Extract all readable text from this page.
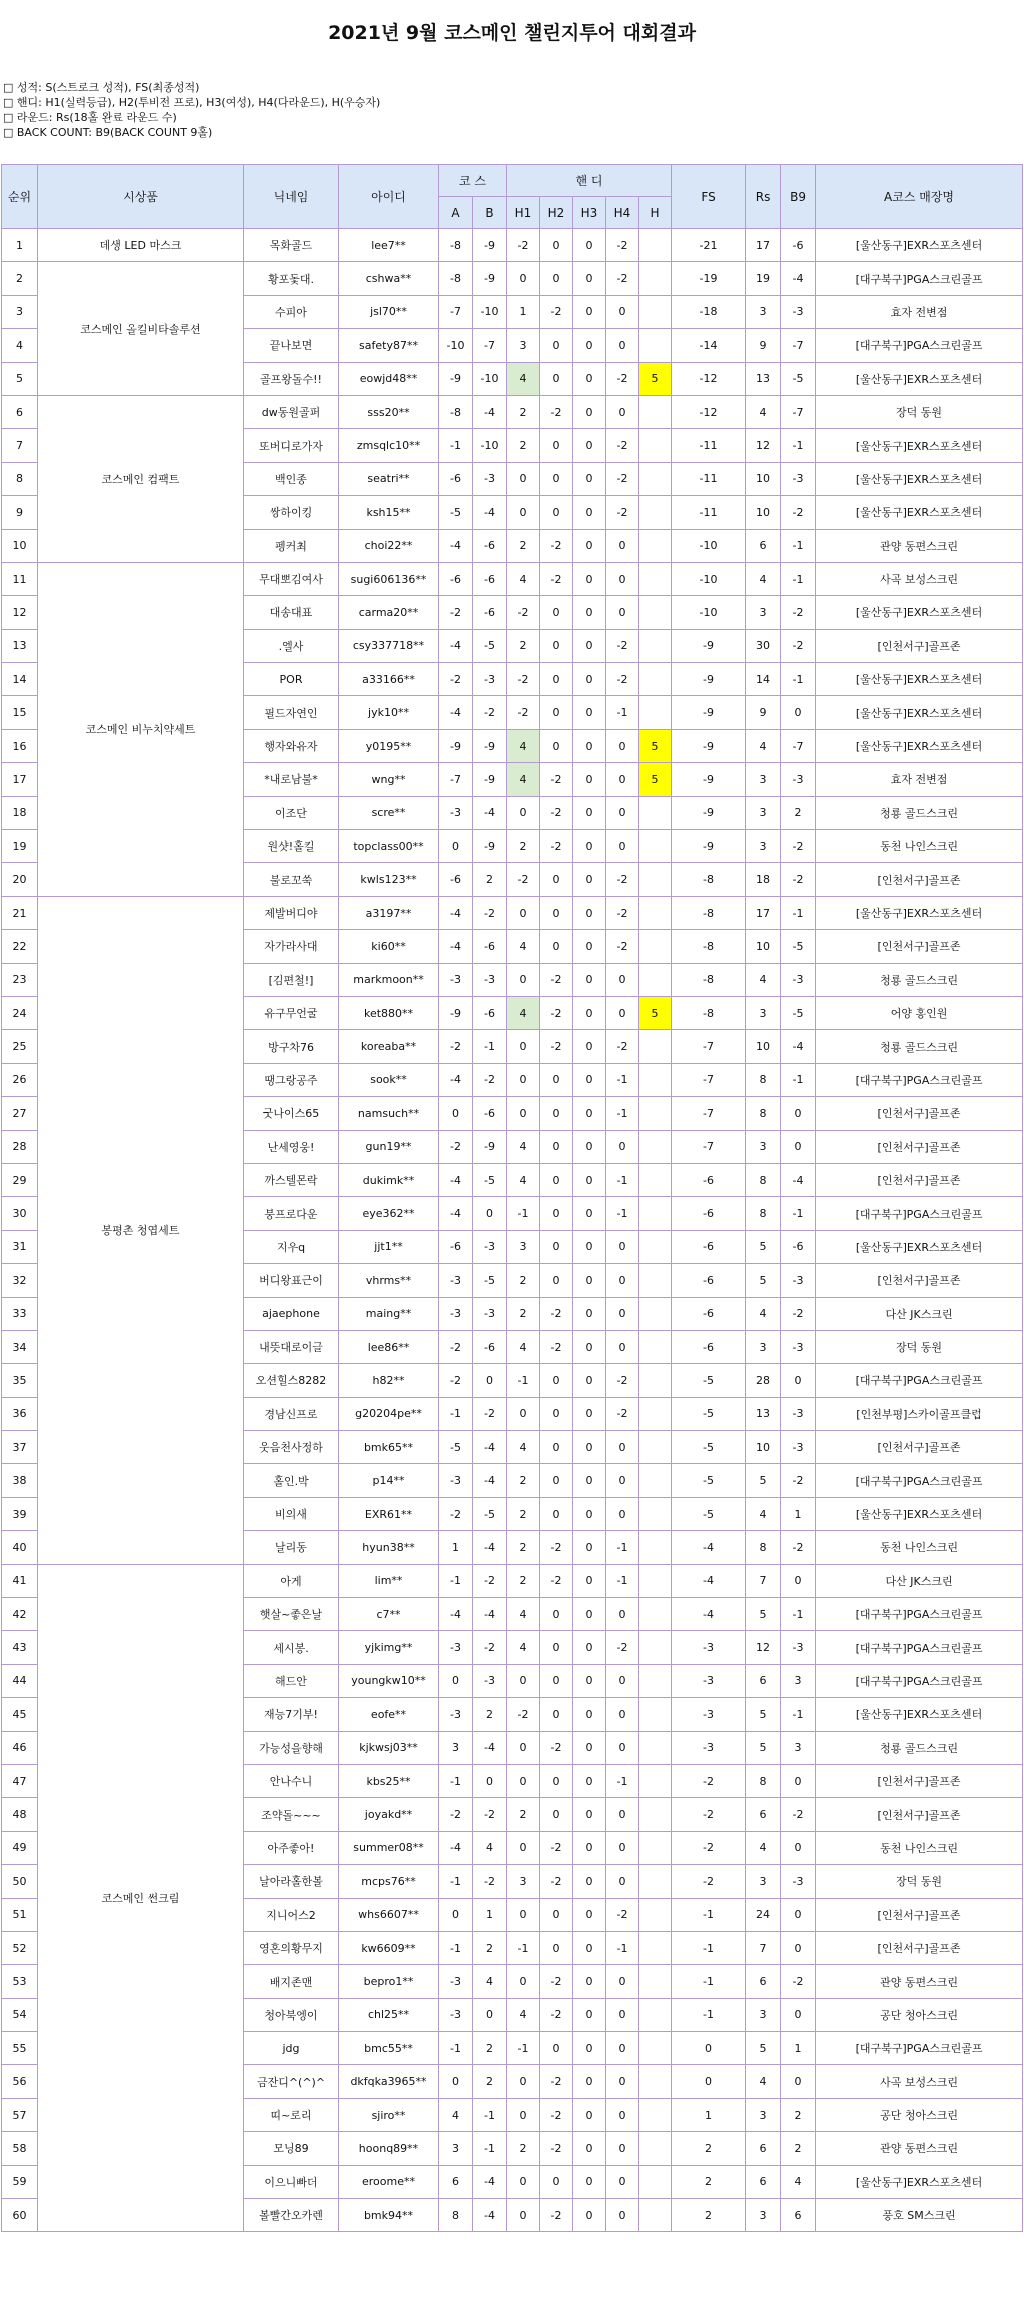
2021년 9월 코스메인 챌린지투어 대회결과
□ 성적: S(스트로크 성적), FS(최종성적)
□ 핸디: H1(실력등급), H2(투비전 프로), H3(여성), H4(다라운드), H(우승자)
□ 라운드: Rs(18홀 완료 라운드 수)
□ BACK COUNT: B9(BACK COUNT 9홀)
순위	시상품	닉네임	아이디	코 스		핸 디					FS	Rs	B9	A코스 매장명
				A	B	H1	H2	H3	H4	H				
1	데생 LED 마스크	목화골드	lee7**	-8	-9	-2	0	0	-2		-21	17	-6	[울산동구]EXR스포츠센터
2	코스메인 올킬비타솔루션	황포돛대.	cshwa**	-8	-9	0	0	0	-2		-19	19	-4	[대구북구]PGA스크린골프
3		수피아	jsl70**	-7	-10	1	-2	0	0		-18	3	-3	효자 전변점
4		끝나보면	safety87**	-10	-7	3	0	0	0		-14	9	-7	[대구북구]PGA스크린골프
5		골프왕돌수!!	eowjd48**	-9	-10	4	0	0	-2	5	-12	13	-5	[울산동구]EXR스포츠센터
6	코스메인 컴팩트	dw동원골퍼	sss20**	-8	-4	2	-2	0	0		-12	4	-7	장덕 동원
7		또버디로가자	zmsqlc10**	-1	-10	2	0	0	-2		-11	12	-1	[울산동구]EXR스포츠센터
8		백인종	seatri**	-6	-3	0	0	0	-2		-11	10	-3	[울산동구]EXR스포츠센터
9		쌍하이킹	ksh15**	-5	-4	0	0	0	-2		-11	10	-2	[울산동구]EXR스포츠센터
10		펭커최	choi22**	-4	-6	2	-2	0	0		-10	6	-1	관양 동편스크린
11	코스메인 비누치약세트	무대뽀김여사	sugi606136**	-6	-6	4	-2	0	0		-10	4	-1	사곡 보성스크린
12		대송대표	carma20**	-2	-6	-2	0	0	0		-10	3	-2	[울산동구]EXR스포츠센터
13		.엘사	csy337718**	-4	-5	2	0	0	-2		-9	30	-2	[인천서구]골프존
14		POR	a33166**	-2	-3	-2	0	0	-2		-9	14	-1	[울산동구]EXR스포츠센터
15		필드자연인	jyk10**	-4	-2	-2	0	0	-1		-9	9	0	[울산동구]EXR스포츠센터
16		행자와유자	y0195**	-9	-9	4	0	0	0	5	-9	4	-7	[울산동구]EXR스포츠센터
17		*내로남불*	wng**	-7	-9	4	-2	0	0	5	-9	3	-3	효자 전변점
18		이조단	scre**	-3	-4	0	-2	0	0		-9	3	2	청룡 골드스크린
19		원샷!홀킬	topclass00**	0	-9	2	-2	0	0		-9	3	-2	동천 나인스크린
20		불로꼬쑥	kwls123**	-6	2	-2	0	0	-2		-8	18	-2	[인천서구]골프존
21	봉평촌 청엽세트	제발버디야	a3197**	-4	-2	0	0	0	-2		-8	17	-1	[울산동구]EXR스포츠센터
22		자가라사대	ki60**	-4	-6	4	0	0	-2		-8	10	-5	[인천서구]골프존
23		[김편철!]	markmoon**	-3	-3	0	-2	0	0		-8	4	-3	청룡 골드스크린
24		유구무언굴	ket880**	-9	-6	4	-2	0	0	5	-8	3	-5	어양 홍인원
25		방구차76	koreaba**	-2	-1	0	-2	0	-2		-7	10	-4	청룡 골드스크린
26		땡그랑공주	sook**	-4	-2	0	0	0	-1		-7	8	-1	[대구북구]PGA스크린골프
27		굿나이스65	namsuch**	0	-6	0	0	0	-1		-7	8	0	[인천서구]골프존
28		난세영웅!	gun19**	-2	-9	4	0	0	0		-7	3	0	[인천서구]골프존
29		까스텔몬락	dukimk**	-4	-5	4	0	0	-1		-6	8	-4	[인천서구]골프존
30		붕프로다운	eye362**	-4	0	-1	0	0	-1		-6	8	-1	[대구북구]PGA스크린골프
31		지우q	jjt1**	-6	-3	3	0	0	0		-6	5	-6	[울산동구]EXR스포츠센터
32		버디왕표근이	vhrms**	-3	-5	2	0	0	0		-6	5	-3	[인천서구]골프존
33		ajaephone	maing**	-3	-3	2	-2	0	0		-6	4	-2	다산 JK스크린
34		내뜻대로이글	lee86**	-2	-6	4	-2	0	0		-6	3	-3	장덕 동원
35		오션힐스8282	h82**	-2	0	-1	0	0	-2		-5	28	0	[대구북구]PGA스크린골프
36		경남신프로	g20204pe**	-1	-2	0	0	0	-2		-5	13	-3	[인천부평]스카이골프클럽
37		웃음천사정하	bmk65**	-5	-4	4	0	0	0		-5	10	-3	[인천서구]골프존
38		홀인.박	p14**	-3	-4	2	0	0	0		-5	5	-2	[대구북구]PGA스크린골프
39		비의새	EXR61**	-2	-5	2	0	0	0		-5	4	1	[울산동구]EXR스포츠센터
40		날리동	hyun38**	1	-4	2	-2	0	-1		-4	8	-2	동천 나인스크린
41	코스메인 썬크림	아게	lim**	-1	-2	2	-2	0	-1		-4	7	0	다산 JK스크린
42		햇살~좋은날	c7**	-4	-4	4	0	0	0		-4	5	-1	[대구북구]PGA스크린골프
43		세시봉.	yjkimg**	-3	-2	4	0	0	-2		-3	12	-3	[대구북구]PGA스크린골프
44		해드안	youngkw10**	0	-3	0	0	0	0		-3	6	3	[대구북구]PGA스크린골프
45		재능7기부!	eofe**	-3	2	-2	0	0	0		-3	5	-1	[울산동구]EXR스포츠센터
46		가능성을향해	kjkwsj03**	3	-4	0	-2	0	0		-3	5	3	청룡 골드스크린
47		안나수니	kbs25**	-1	0	0	0	0	-1		-2	8	0	[인천서구]골프존
48		조약돌~~~	joyakd**	-2	-2	2	0	0	0		-2	6	-2	[인천서구]골프존
49		아주좋아!	summer08**	-4	4	0	-2	0	0		-2	4	0	동천 나인스크린
50		날아라홀한볼	mcps76**	-1	-2	3	-2	0	0		-2	3	-3	장덕 동원
51		지니어스2	whs6607**	0	1	0	0	0	-2		-1	24	0	[인천서구]골프존
52		영혼의황무지	kw6609**	-1	2	-1	0	0	-1		-1	7	0	[인천서구]골프존
53		배지존맨	bepro1**	-3	4	0	-2	0	0		-1	6	-2	관양 동편스크린
54		청아북엥이	chl25**	-3	0	4	-2	0	0		-1	3	0	공단 청아스크린
55		jdg	bmc55**	-1	2	-1	0	0	0		0	5	1	[대구북구]PGA스크린골프
56		금잔디^(^)^	dkfqka3965**	0	2	0	-2	0	0		0	4	0	사곡 보성스크린
57		띠~로리	sjiro**	4	-1	0	-2	0	0		1	3	2	공단 청아스크린
58		모닝89	hoonq89**	3	-1	2	-2	0	0		2	6	2	관양 동편스크린
59		이으니빠더	eroome**	6	-4	0	0	0	0		2	6	4	[울산동구]EXR스포츠센터
60		볼빨간오카렌	bmk94**	8	-4	0	-2	0	0		2	3	6	풍호 SM스크린
